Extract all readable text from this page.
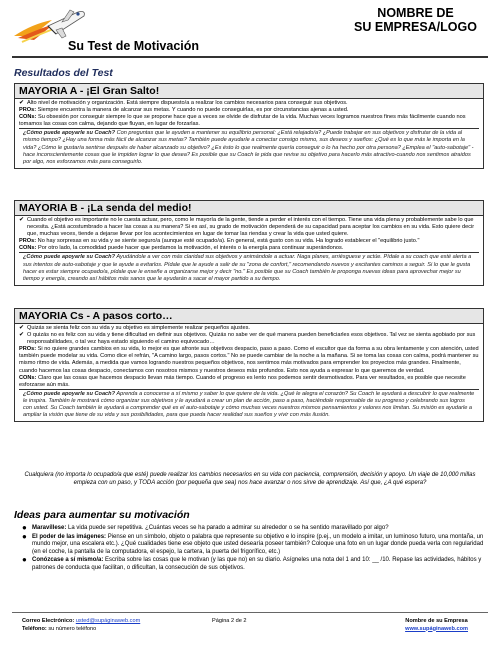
Su Test de Motivación
NOMBRE DE
SU EMPRESA/LOGO
Resultados del Test
MAYORIA A - ¡El Gran Salto!

✔ Alto nivel de motivación y organización. Está siempre dispuesto/a a realizar los cambios necesarios para conseguir sus objetivos.

PROs: Siempre encuentra la manera de alcanzar sus metas. Y cuando no puede conseguirlas, es por circunstancias ajenas a usted.

CONs: Su obsesión por conseguir siempre lo que se propone hace que a veces se olvide de disfrutar de la vida. Muchas veces logramos nuestros fines más fácilmente cuando nos tomamos las cosas con calma, dejando que fluyan, en lugar de forzarlas.

¿Cómo puede apoyarle su Coach? Con preguntas que le ayuden a mantener su equilibrio personal: ¿Está relajado/a? ¿Puede trabajar en sus objetivos y disfrutar de la vida al mismo tiempo? ¿Hay una forma más fácil de alcanzar sus metas? También puede ayudarle a conectar consigo mismo, sus deseos y sueños: ¿Qué es lo que más le importa en la vida? ¿Cómo le gustaría sentirse después de haber alcanzado su objetivo? ¿Es ésto lo que realmente quería conseguir o lo ha hecho por otra persona? ¿Emplea el "auto-sabotaje" - hace inconscientemente cosas que le impiden lograr lo que desea? Es posible que su Coach le pida que revise su objetivo para hacerlo más atractivo-cuando nos sentimos atraidos por algo, nos esforzamos más para conseguirlo.

MAYORIA B - ¡La senda del medio!

✔ Cuando el objetivo es importante no le cuesta actuar, pero, como le mayoría de la gente, tiende a perder el interés con el tiempo. Tiene una vida plena y probablemente sabe lo que necesita. ¿Está acostumbrado a hacer las cosas a su manera? Si es así, su grado de motivación dependerá de su capacidad para aceptar los cambios en su vida. Esto quiere decir que, muchas veces, tiende a dejarse llevar por los acontecimientos en lugar de tomar las riendas y crear la vida que usted quiere.

PROs: No hay sorpresas en su vida y se siente seguro/a (aunque esté ocupado/a). En general, está gusto con su vida. Ha logrado establecer el "equilibrio justo."

CONs: Por otro lado, la comodidad puede hacer que perdamos la motivación, el interés o la energía para continuar superándonos.

¿Cómo puede apoyarle su Coach? Ayudándole a ver con más claridad sus objetivos y animándole a actuar. Naga planes, arriésguese y actúe. Pídale a su coach que esté alerta a sus intentos de auto-sabotaje y que le ayude a evitarlos. Pídale que le ayude a salir de su "zona de confort," recomendando nuevos y excitantes caminos a seguir. Si lo que le gusta hacer es estar siempre ocupado/a, pídale que le enseñe a organizarse mejor y decir "no." Es posible que su Coach también le proponga nuevas ideas para aprovechar mejor su tiempo y energía, creando así hábitos más sanos que le ayudarán a sacar el mayor partido a su tiempo.

MAYORIA Cs - A pasos corto…

✔ Quizás se sienta feliz con su vida y su objetivo es simplemente realizar pequeños ajustes.

✔ O quizás no es feliz con su vida y tiene dificultad en definir sus objetivos. Quizás no sabe ver de qué manera pueden beneficiarles esos objetivos. Tal vez se sienta agobiado por sus responsabilidades, o tal vez haya estado siguiendo el camino equivocado…

PROs: Si no quiere grandes cambios en su vida, lo mejor es que afronte sus objetivos despacio, paso a paso. Como el escultor que da forma a su obra lentamente y con atención, usted también puede modelar su vida. Como dice el refrán, "A camino largo, pasos cortos." No se puede cambiar de la noche a la mañana. Si se toma las cosas con calma, podrá mantener su mismo ritmo de vida. Además, a medida que vamos logrando nuestros pequeños objetivos, nos sentimos más motivados para emprender los proyectos más grandes. Finalmente, cuando hacemos las cosas despacio, conectamos con nosotros mismos y nuestros deseos más profundos. Esto nos ayuda a expresar lo que queremos de verdad.

CONs: Claro que las cosas que hacemos despacio llevan más tiempo. Cuando el progreso es lento nos podemos sentir desmotivados. Para ver resultados, es posible que necesite esforzarse aún más.

¿Cómo puede apoyarle su Coach? Aprenda a conocerse a sí mismo y saber lo que quiere de la vida. ¿Qué le alegra el corazón? Su Coach le ayudará a descubrir lo que realmente le inspira. También le mostrará cómo organizar sus objetivos y le ayudará a crear un plan de acción, paso a paso, haciéndole responsable de su progreso y celebrando sus logros con usted. Su Coach también le ayudará a comprender qué es el auto-sabotaje y cómo muchas veces nuestros mismos pensamientos y valores nos limitan. Su misión es ayudarle a ampliar la visión que tiene de su vida y sus posibilidades, para que pueda hacer realidad sus sueños y vivir con más ilusión.

Cualquiera (no importa lo ocupado/a que esté) puede realizar los cambios necesarios en su vida con paciencia, comprensión, decisión y apoyo. Un viaje de 10,000 millas empieza con un paso, y TODA acción (por pequeña que sea) nos hace avanzar o nos sirve de aprendizaje. Así que, ¿A qué espera?
Ideas para aumentar su motivación
● Maravíllese: La vida puede ser repetitiva. ¿Cuántas veces se ha parado a admirar su alrededor o se ha sentido maravillado por algo?
● El poder de las imágenes: Piense en un símbolo, objeto o palabra que represente su objetivo e lo inspire (p.ej., un modelo a imitar, un luminoso futuro, una montaña, un mundo mejor, una escalera etc.). ¿Qué cualidades tiene ese objeto que usted desearía poseer también? Coloque una foto en un lugar donde pueda verla con regularidad (en el coche, la pantalla de la computadora, el espejo, la cartera, la puerta del frigorífico, etc.)
● Conózcase a sí mismo/a: Escriba sobre las cosas que le motivan (y las que no) en su diario. Asígneles una nota del 1 and 10: __ /10. Repase las actividades, hábitos y patrones de conducta que facilitan, o dificultan, la consecución de sus objetivos.
Correo Electrónico: usted@supáginaweb.com
Teléfono: su número teléfono
Página 2 de 2	Nombre de su Empresa
www.supáginaweb.com
